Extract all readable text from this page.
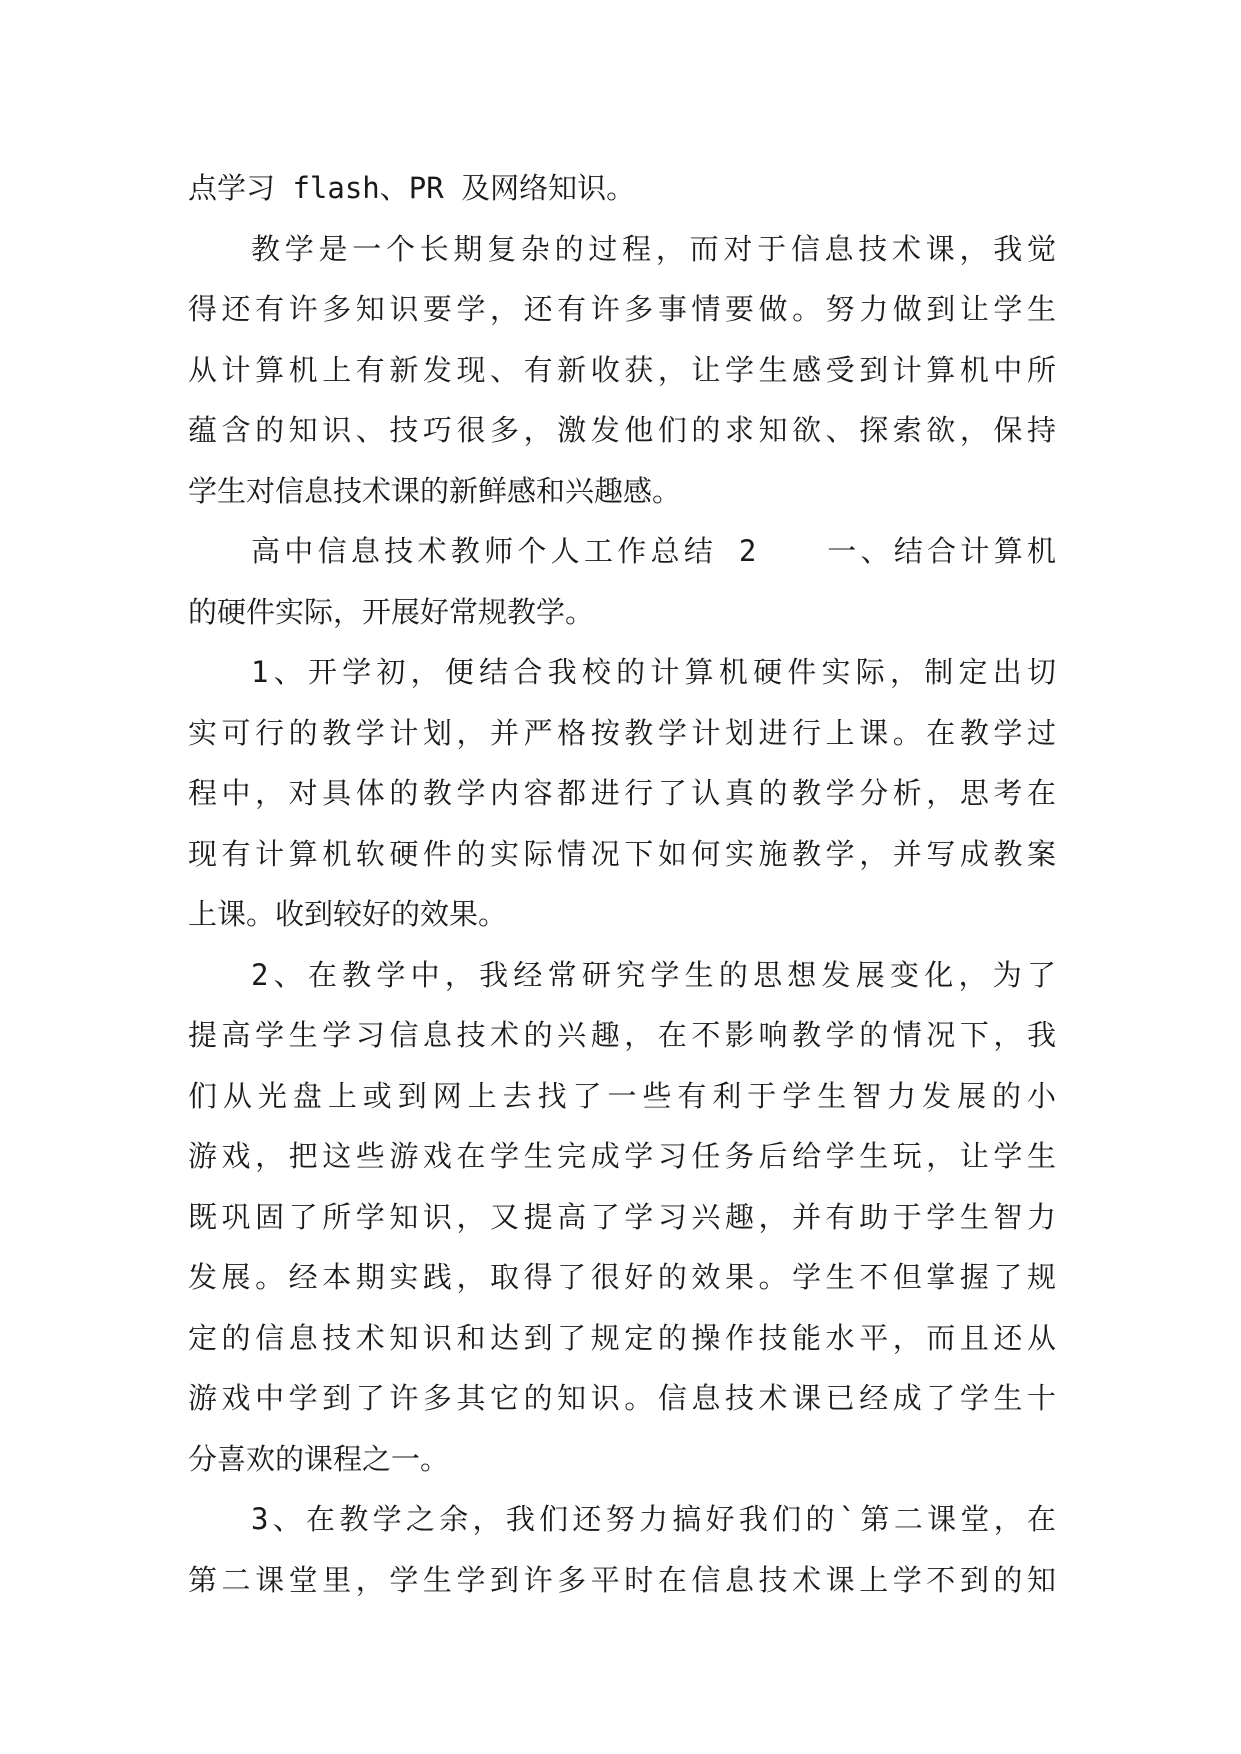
点学习 flash、PR 及网络知识。

教学是一个长期复杂的过程，而对于信息技术课，我觉

得还有许多知识要学，还有许多事情要做。努力做到让学生

从计算机上有新发现、有新收获，让学生感受到计算机中所

蕴含的知识、技巧很多，激发他们的求知欲、探索欲，保持

学生对信息技术课的新鲜感和兴趣感。

高中信息技术教师个人工作总结 2　　一、结合计算机

的硬件实际，开展好常规教学。

1、开学初，便结合我校的计算机硬件实际，制定出切

实可行的教学计划，并严格按教学计划进行上课。在教学过

程中，对具体的教学内容都进行了认真的教学分析，思考在

现有计算机软硬件的实际情况下如何实施教学，并写成教案

上课。收到较好的效果。

2、在教学中，我经常研究学生的思想发展变化，为了

提高学生学习信息技术的兴趣，在不影响教学的情况下，我

们从光盘上或到网上去找了一些有利于学生智力发展的小

游戏，把这些游戏在学生完成学习任务后给学生玩，让学生

既巩固了所学知识，又提高了学习兴趣，并有助于学生智力

发展。经本期实践，取得了很好的效果。学生不但掌握了规

定的信息技术知识和达到了规定的操作技能水平，而且还从

游戏中学到了许多其它的知识。信息技术课已经成了学生十

分喜欢的课程之一。

3、在教学之余，我们还努力搞好我们的`第二课堂，在

第二课堂里，学生学到许多平时在信息技术课上学不到的知
